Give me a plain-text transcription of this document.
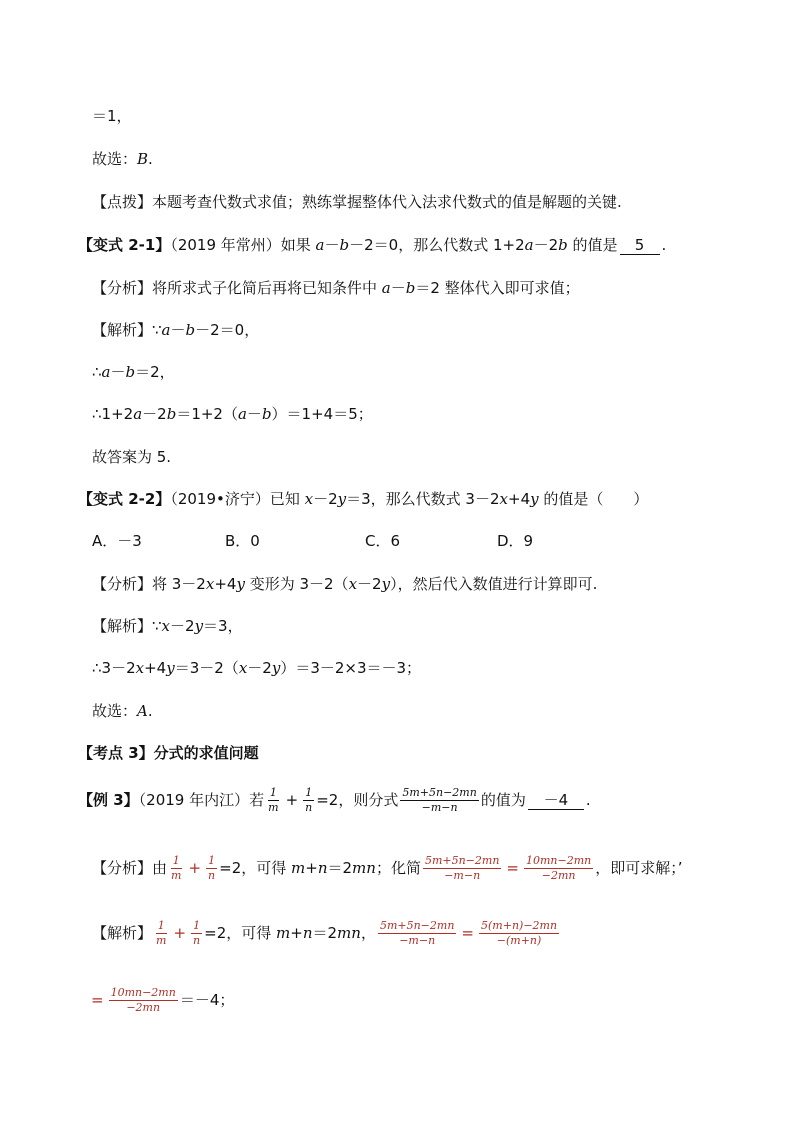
＝1，
故选：B.
【点拨】本题考查代数式求值；熟练掌握整体代入法求代数式的值是解题的关键.
【变式 2-1】（2019 年常州）如果 a－b－2＝0，那么代数式 1+2a－2b 的值是 5 .
【分析】将所求式子化简后再将已知条件中 a－b＝2 整体代入即可求值；
【解析】∵a－b－2＝0，
∴a－b＝2，
∴1+2a－2b＝1+2（a－b）＝1+4＝5；
故答案为 5.
【变式 2-2】（2019•济宁）已知 x－2y＝3，那么代数式 3－2x+4y 的值是（　　）
A．－3	B．0	C．6	D．9
【分析】将 3－2x+4y 变形为 3－2（x－2y），然后代入数值进行计算即可.
【解析】∵x－2y＝3，
∴3－2x+4y＝3－2（x－2y）＝3－2×3＝－3；
故选：A.
【考点 3】分式的求值问题
【例 3】（2019 年内江）若 $\frac{1}{m} + \frac{1}{n} =2$，则分式 $\frac{5m+5n-2mn}{-m-n}$ 的值为 －4 .
【分析】由 $\frac{1}{m} + \frac{1}{n} =2$，可得 m+n＝2mn；化简 $\frac{5m+5n-2mn}{-m-n} = \frac{10mn-2mn}{-2mn}$ ，即可求解；’
【解析】 $\frac{1}{m} + \frac{1}{n} =2$，可得 m+n＝2mn， $\frac{5m+5n-2mn}{-m-n} = \frac{5(m+n)-2mn}{-(m+n)}$
= $\frac{10mn-2mn}{-2mn} =-4$；
